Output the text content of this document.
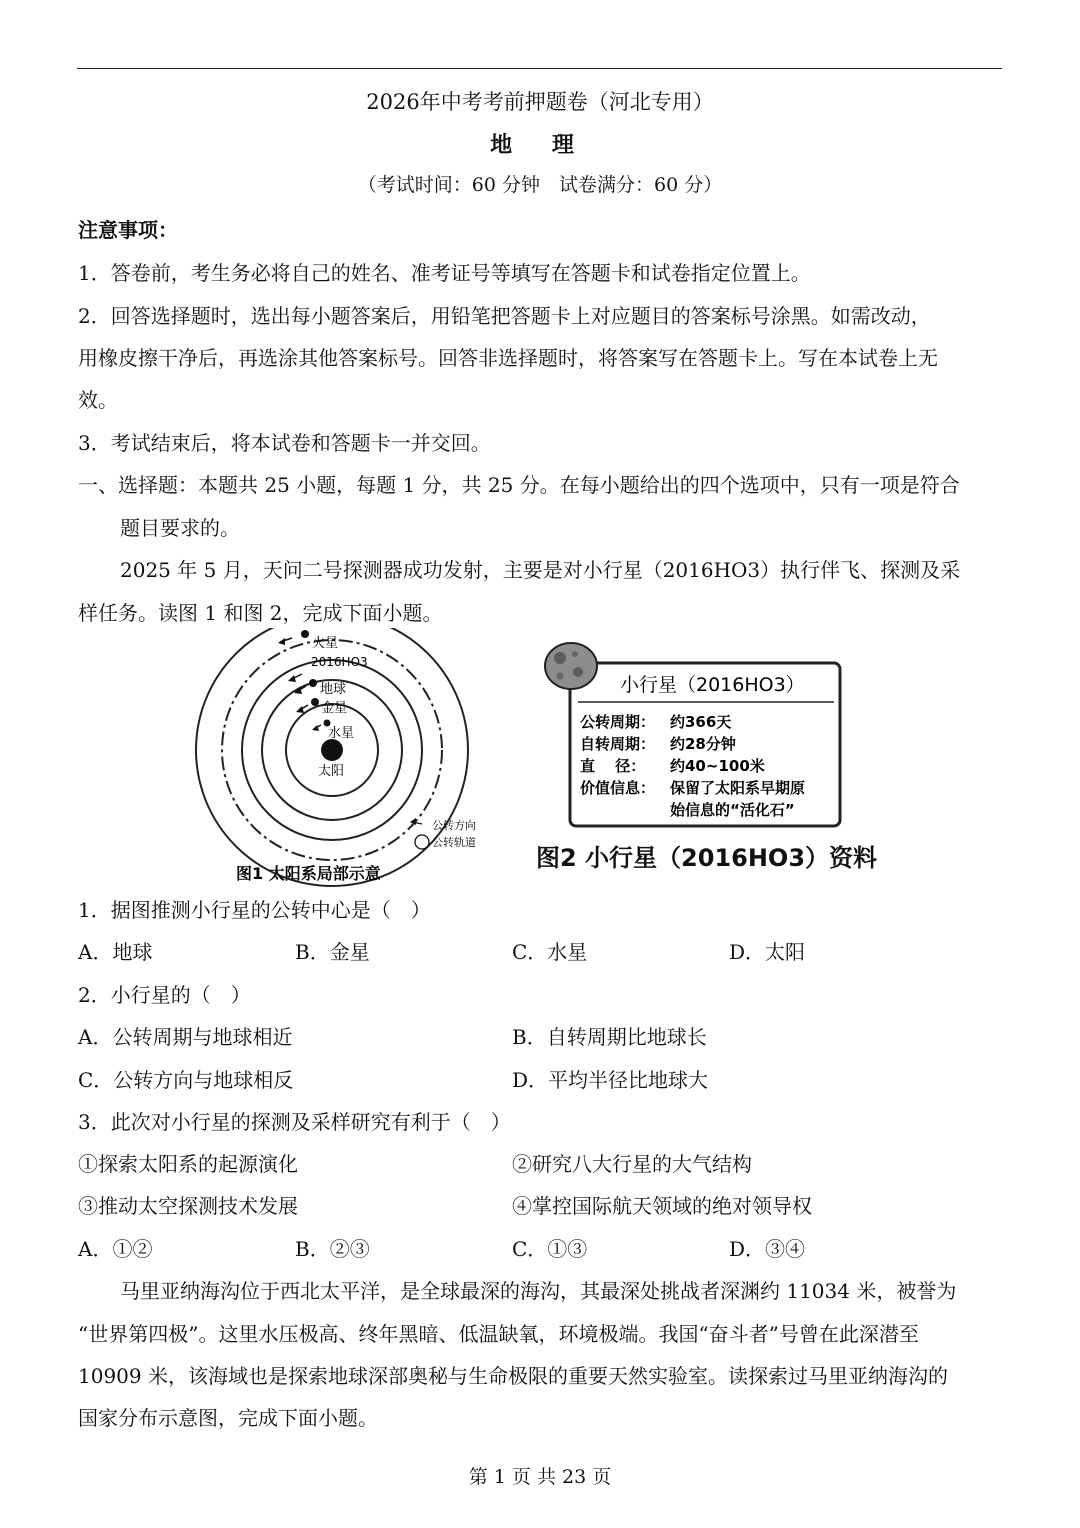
2026年中考考前押题卷（河北专用）
地 理
（考试时间：60 分钟　试卷满分：60 分）
注意事项：
1．答卷前，考生务必将自己的姓名、准考证号等填写在答题卡和试卷指定位置上。
2．回答选择题时，选出每小题答案后，用铅笔把答题卡上对应题目的答案标号涂黑。如需改动，
用橡皮擦干净后，再选涂其他答案标号。回答非选择题时，将答案写在答题卡上。写在本试卷上无
效。
3．考试结束后，将本试卷和答题卡一并交回。
一、选择题：本题共 25 小题，每题 1 分，共 25 分。在每小题给出的四个选项中，只有一项是符合
题目要求的。
2025 年 5 月，天问二号探测器成功发射，主要是对小行星（2016HO3）执行伴飞、探测及采
样任务。读图 1 和图 2，完成下面小题。
火星
2016HO3
地球
金星
水星
太阳
公转方向
公转轨道
图1 太阳系局部示意
小行星（2016HO3）
公转周期： 约366天
自转周期： 约28分钟
直　 径： 约40~100米
价值信息： 保留了太阳系早期原
始信息的“活化石”
图2 小行星（2016HO3）资料
1．据图推测小行星的公转中心是（　）
A．地球	B．金星	C．水星	D．太阳
2．小行星的（　）
A．公转周期与地球相近	B．自转周期比地球长
C．公转方向与地球相反	D．平均半径比地球大
3．此次对小行星的探测及采样研究有利于（　）
①探索太阳系的起源演化	②研究八大行星的大气结构
③推动太空探测技术发展	④掌控国际航天领域的绝对领导权
A．①②	B．②③	C．①③	D．③④
马里亚纳海沟位于西北太平洋，是全球最深的海沟，其最深处挑战者深渊约 11034 米，被誉为
“世界第四极”。这里水压极高、终年黑暗、低温缺氧，环境极端。我国“奋斗者”号曾在此深潜至
10909 米，该海域也是探索地球深部奥秘与生命极限的重要天然实验室。读探索过马里亚纳海沟的
国家分布示意图，完成下面小题。
第 1 页 共 23 页
